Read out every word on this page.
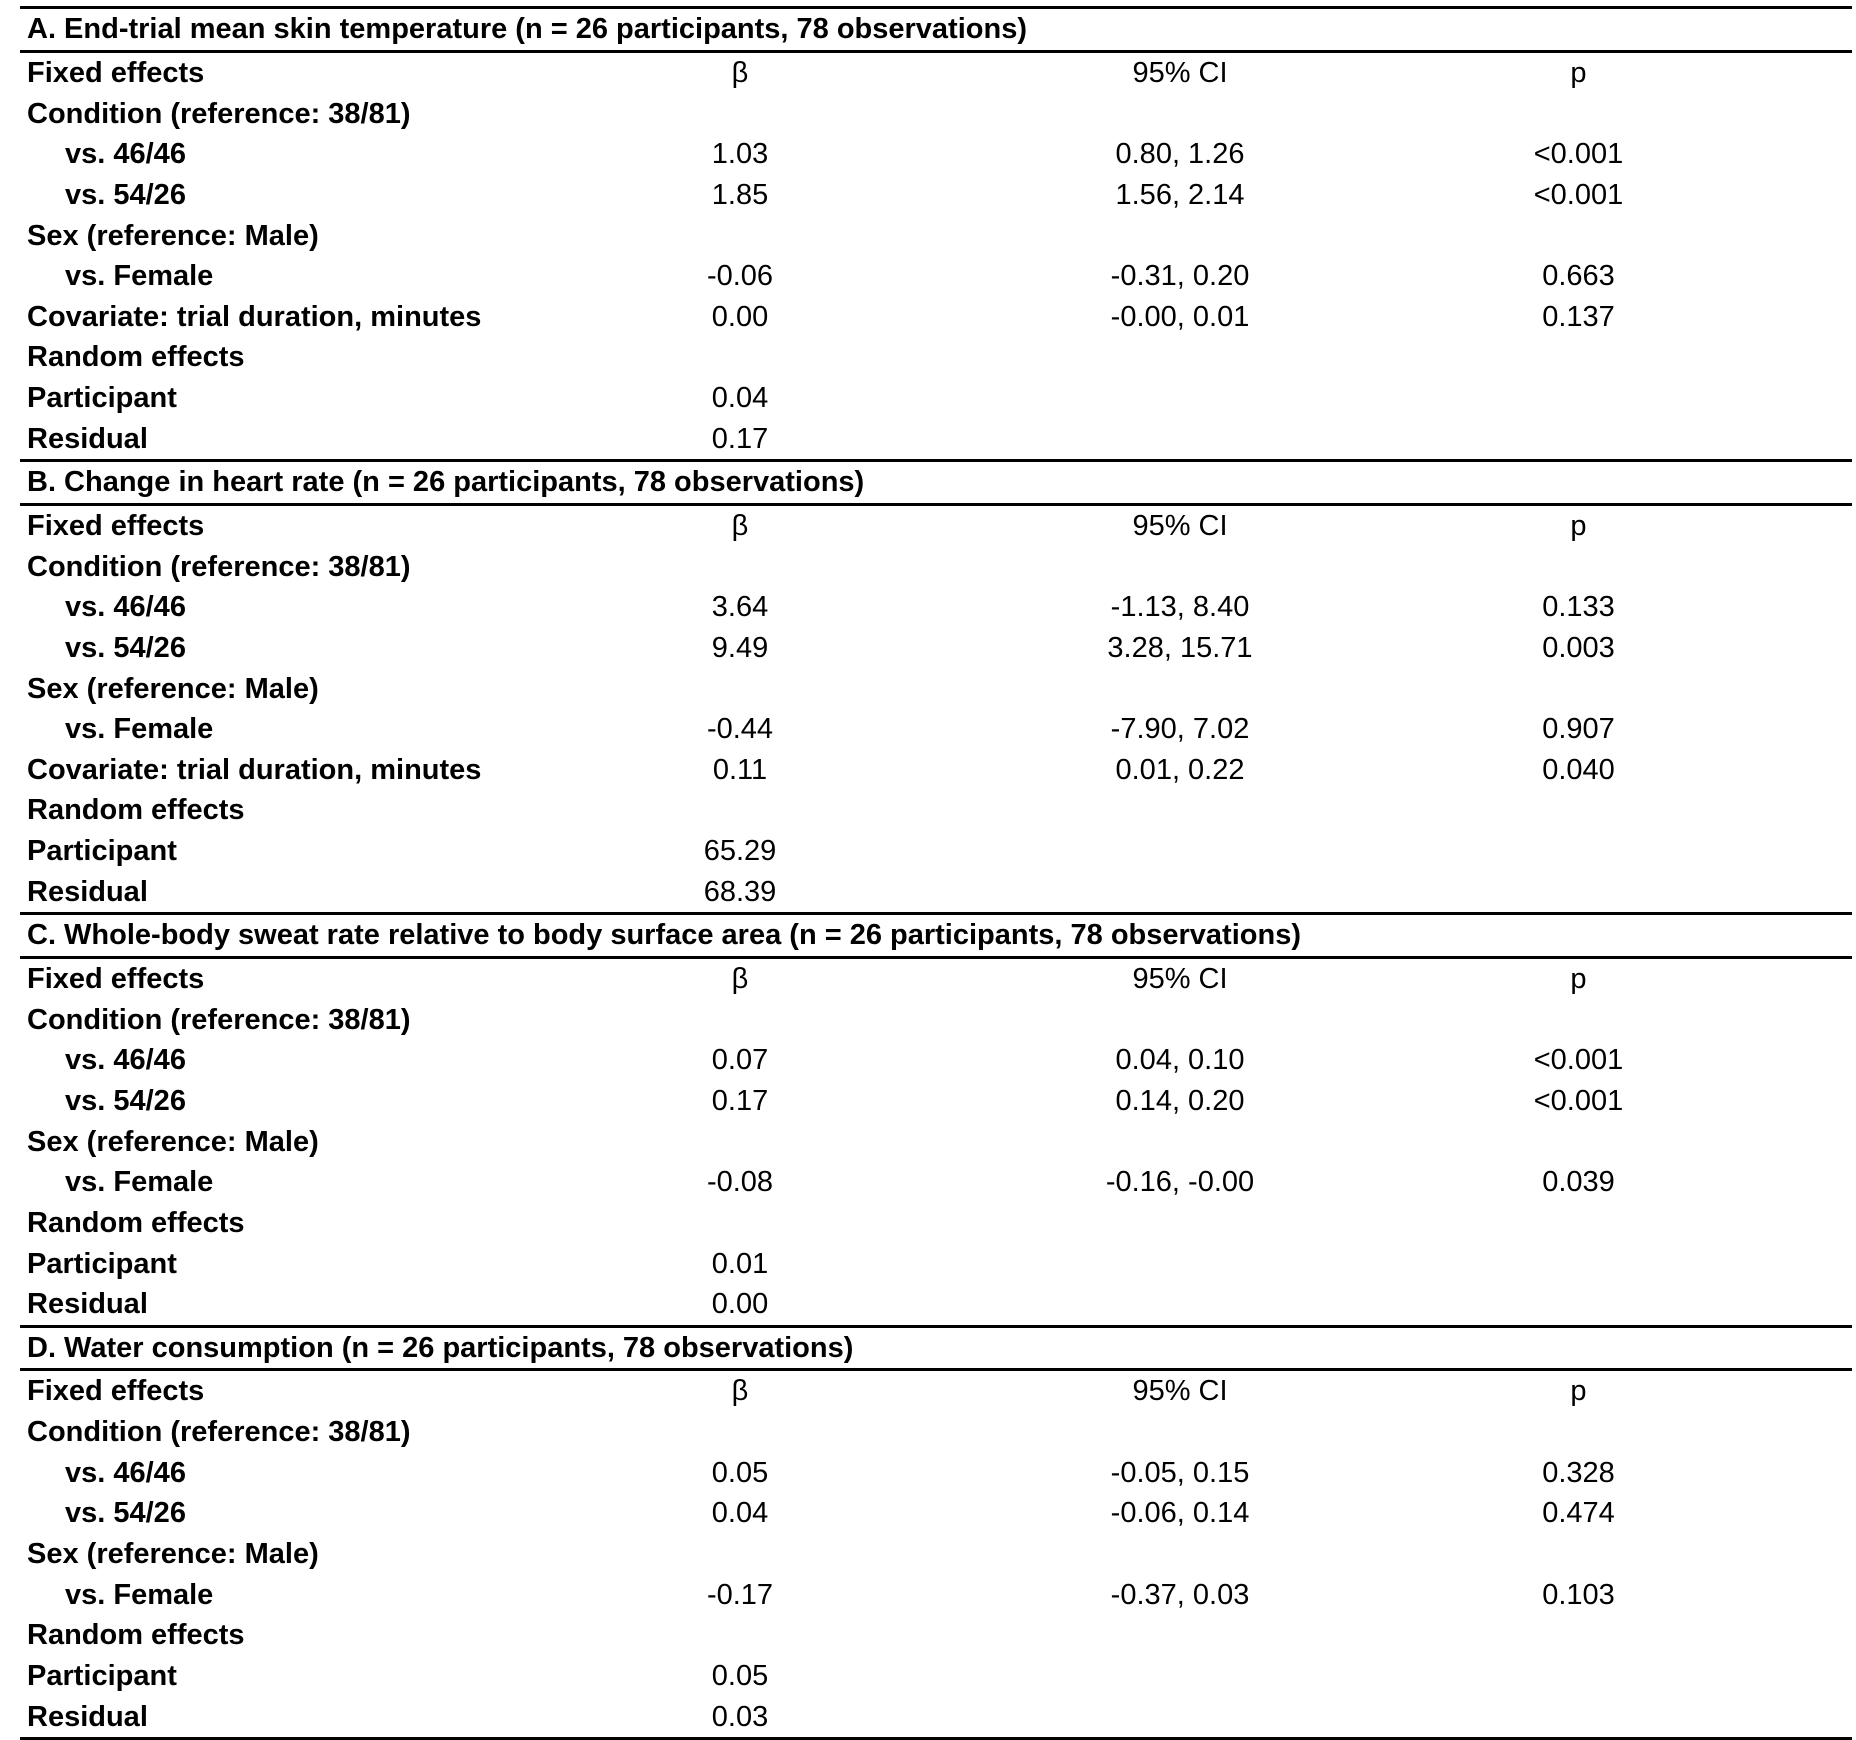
A. End-trial mean skin temperature (n = 26 participants, 78 observations)			
Fixed effects	β	95% CI	p
Condition (reference: 38/81)			
vs. 46/46	1.03	0.80, 1.26	<0.001
vs. 54/26	1.85	1.56, 2.14	<0.001
Sex (reference: Male)			
vs. Female	-0.06	-0.31, 0.20	0.663
Covariate: trial duration, minutes	0.00	-0.00, 0.01	0.137
Random effects			
Participant	0.04		
Residual	0.17		
B. Change in heart rate (n = 26 participants, 78 observations)			
Fixed effects	β	95% CI	p
Condition (reference: 38/81)			
vs. 46/46	3.64	-1.13, 8.40	0.133
vs. 54/26	9.49	3.28, 15.71	0.003
Sex (reference: Male)			
vs. Female	-0.44	-7.90, 7.02	0.907
Covariate: trial duration, minutes	0.11	0.01, 0.22	0.040
Random effects			
Participant	65.29		
Residual	68.39		
C. Whole-body sweat rate relative to body surface area (n = 26 participants, 78 observations)			
Fixed effects	β	95% CI	p
Condition (reference: 38/81)			
vs. 46/46	0.07	0.04, 0.10	<0.001
vs. 54/26	0.17	0.14, 0.20	<0.001
Sex (reference: Male)			
vs. Female	-0.08	-0.16, -0.00	0.039
Random effects			
Participant	0.01		
Residual	0.00		
D. Water consumption (n = 26 participants, 78 observations)			
Fixed effects	β	95% CI	p
Condition (reference: 38/81)			
vs. 46/46	0.05	-0.05, 0.15	0.328
vs. 54/26	0.04	-0.06, 0.14	0.474
Sex (reference: Male)			
vs. Female	-0.17	-0.37, 0.03	0.103
Random effects			
Participant	0.05		
Residual	0.03		
